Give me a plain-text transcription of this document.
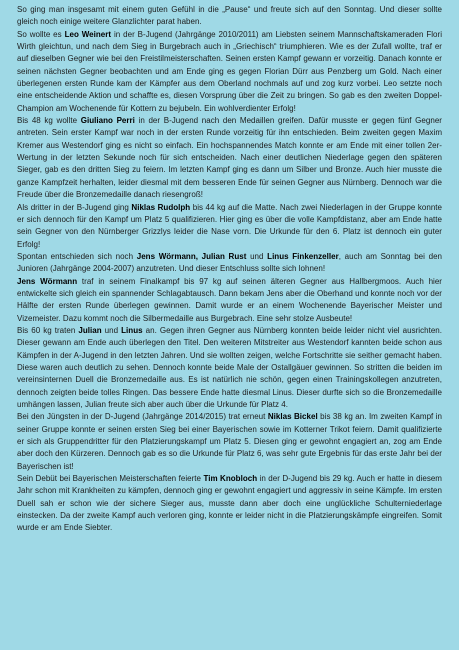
So ging man insgesamt mit einem guten Gefühl in die „Pause“ und freute sich auf den Sonntag. Und dieser sollte gleich noch einige weitere Glanzlichter parat haben.

So wollte es Leo Weinert in der B-Jugend (Jahrgänge 2010/2011) am Liebsten seinem Mannschaftskameraden Flori Wirth gleichtun, und nach dem Sieg in Burgebrach auch in „Griechisch“ triumphieren. Wie es der Zufall wollte, traf er auf dieselben Gegner wie bei den Freistilmeisterschaften. Seinen ersten Kampf gewann er vorzeitig. Danach konnte er seinen nächsten Gegner beobachten und am Ende ging es gegen Florian Dürr aus Penzberg um Gold. Nach einer überlegenen ersten Runde kam der Kämpfer aus dem Oberland nochmals auf und zog kurz vorbei. Leo setzte noch eine entscheidende Aktion und schaffte es, diesen Vorsprung über die Zeit zu bringen. So gab es den zweiten Doppel-Champion am Wochenende für Kottern zu bejubeln. Ein wohlverdienter Erfolg!

Bis 48 kg wollte Giuliano Perri in der B-Jugend nach den Medaillen greifen. Dafür musste er gegen fünf Gegner antreten. Sein erster Kampf war noch in der ersten Runde vorzeitig für ihn entschieden. Beim zweiten gegen Maxim Kremer aus Westendorf ging es nicht so einfach. Ein hochspannendes Match konnte er am Ende mit einer tollen 2er-Wertung in der letzten Sekunde noch für sich entscheiden. Nach einer deutlichen Niederlage gegen den späteren Sieger, gab es den dritten Sieg zu feiern. Im letzten Kampf ging es dann um Silber und Bronze. Auch hier musste die ganze Kampfzeit herhalten, leider diesmal mit dem besseren Ende für seinen Gegner aus Nürnberg. Dennoch war die Freude über die Bronzemedaille danach riesengroß!

Als dritter in der B-Jugend ging Niklas Rudolph bis 44 kg auf die Matte. Nach zwei Niederlagen in der Gruppe konnte er sich dennoch für den Kampf um Platz 5 qualifizieren. Hier ging es über die volle Kampfdistanz, aber am Ende hatte sein Gegner von den Nürnberger Grizzlys leider die Nase vorn. Die Urkunde für den 6. Platz ist dennoch ein guter Erfolg!

Spontan entschieden sich noch Jens Wörmann, Julian Rust und Linus Finkenzeller, auch am Sonntag bei den Junioren (Jahrgänge 2004-2007) anzutreten. Und dieser Entschluss sollte sich lohnen!

Jens Wörmann traf in seinem Finalkampf bis 97 kg auf seinen älteren Gegner aus Hallbergmoos. Auch hier entwickelte sich gleich ein spannender Schlagabtausch. Dann bekam Jens aber die Oberhand und konnte noch vor der Hälfte der ersten Runde überlegen gewinnen. Damit wurde er an einem Wochenende Bayerischer Meister und Vizemeister. Dazu kommt noch die Silbermedaille aus Burgebrach. Eine sehr stolze Ausbeute!

Bis 60 kg traten Julian und Linus an. Gegen ihren Gegner aus Nürnberg konnten beide leider nicht viel ausrichten. Dieser gewann am Ende auch überlegen den Titel. Den weiteren Mitstreiter aus Westendorf kannten beide schon aus Kämpfen in der A-Jugend in den letzten Jahren. Und sie wollten zeigen, welche Fortschritte sie seither gemacht haben. Diese waren auch deutlich zu sehen. Dennoch konnte beide Male der Ostallgäuer gewinnen. So stritten die beiden im vereinsinternen Duell die Bronzemedaille aus. Es ist natürlich nie schön, gegen einen Trainingskollegen anzutreten, dennoch zeigten beide tolles Ringen. Das bessere Ende hatte diesmal Linus. Dieser durfte sich so die Bronzemedaille umhängen lassen, Julian freute sich aber auch über die Urkunde für Platz 4.

Bei den Jüngsten in der D-Jugend (Jahrgänge 2014/2015) trat erneut Niklas Bickel bis 38 kg an. Im zweiten Kampf in seiner Gruppe konnte er seinen ersten Sieg bei einer Bayerischen sowie im Kotterner Trikot feiern. Damit qualifizierte er sich als Gruppendritter für den Platzierungskampf um Platz 5. Diesen ging er gewohnt engagiert an, zog am Ende aber doch den Kürzeren. Dennoch gab es so die Urkunde für Platz 6, was sehr gute Ergebnis für das erste Jahr bei der Bayerischen ist!

Sein Debüt bei Bayerischen Meisterschaften feierte Tim Knobloch in der D-Jugend bis 29 kg. Auch er hatte in diesem Jahr schon mit Krankheiten zu kämpfen, dennoch ging er gewohnt engagiert und aggressiv in seine Kämpfe. Im ersten Duell sah er schon wie der sichere Sieger aus, musste dann aber doch eine unglückliche Schulterniederlage einstecken. Da der zweite Kampf auch verloren ging, konnte er leider nicht in die Platzierungskämpfe eingreifen. Somit wurde er am Ende Siebter.
